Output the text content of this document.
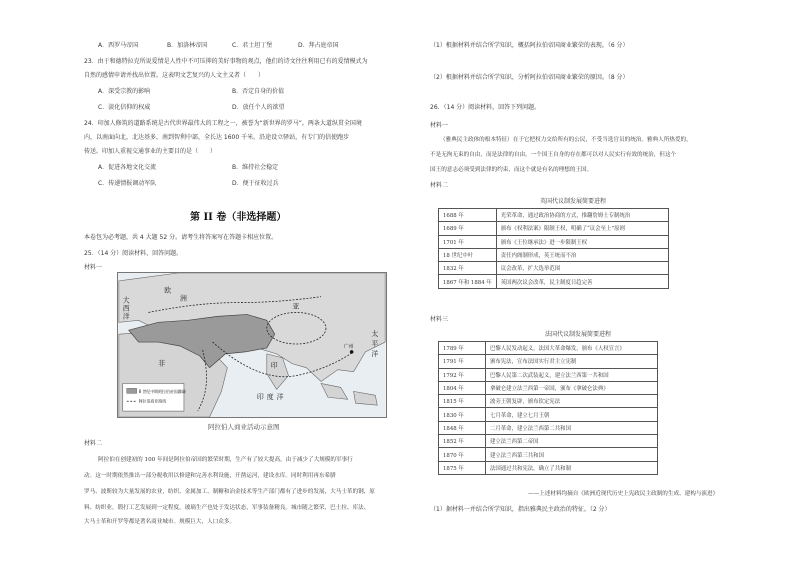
A．西罗马帝国	B．加洛林帝国	C．君士坦丁堡	D．拜占庭帝国
23．由于和德特拉克所说爱情是人性中不可压抑的美好事物的观点，他们的诗文往往利用已有的爱情模式为
自然的感情申请并找出位置。这表明文艺复兴的人文主义者（　　）
A．深受宗教的影响	B．否定自身的价值
C．淡化信仰的权威	D．放任个人的欲望
24．印加人修筑的道路系统是古代世界最伟大的工程之一，被誉为“新世界的罗马”。两条大道纵贯全国境
内，以南面向北，北达基多，南到智利中部，全长达 1600 千米。沿途设立驿站，有专门的信使跑步
传送。印加人重视交通事业的主要目的是（　　）
A．促进各地文化交流	B．维持社会稳定
C．传递情报调动军队	D．便于征收过兵
第 II 卷（非选择题）
本卷包为必考题，共 4 大题 52 分。请考生将答案写在答题卡相应位置。
25．（14 分）阅读材料，回答问题。
材料一
欧
洲
亚
非
大
西
洋
印 度 洋
太
平
洋
印
广州
8 世纪中期阿拉伯帝国疆域
阿拉伯商业路线
阿拉伯人商业活动示意图
材料二
阿拉伯在创建初的 100 年间是阿拉伯帝国的繁荣时期，生产有了较大提高。由于减少了大规模的军事行
动。这一时期依然推出一部分税收用以修建和完善水利设施，开凿运河，建设水库。同时利用再东希腊
罗马、波斯较为大量发展的农业，纺织、金属加工、制糖和冶金技术等生产部门都有了进步的发展，大马士革的钢，原
料、纺织业，锻打工艺发展到一定程度，玻璃生产也处于发达状态，军事装备精良。城市随之繁荣，巴士拉、库法、
大马士革和开罗等都是著名商业城市。规模巨大，人口众多。
（1）根据材料并结合所学知识，概括阿拉伯帝国商业繁荣的表现。（6 分）
（2）根据材料并结合所学知识，分析阿拉伯帝国商业繁荣的原因。（8 分）
26．（14 分）阅读材料，回答下列问题。
材料一
（雅典民主政体的根本特征）在于它把权力交给所有的公民，不受当选官员的统治。雅典人所热爱的，
不是无拘无束的自由，而是法律的自由。一个国王自身的存在都可以对人民实行有效的统治，但这个
国王的意志必须受到法律的约束，而这个就是有名的理想的王国。
材料二
英国代议制发展简要进程
1688 年	光荣革命，通过政治协商的方式，推翻詹姆士专制统治
1689 年	颁布《权利法案》限制王权，明确了“议会至上”原则
1701 年	颁布《王位继承法》进一步限制王权
18 世纪中叶	责任内阁制形成，英王统而不治
1832 年	议会改革，扩大选举范围
1867 年和 1884 年	英国两次议会改革，民主制度日趋完善
材料三
法国代议制发展简要进程
1789 年	巴黎人民发动起义，法国大革命爆发，颁布《人权宣言》
1791 年	颁布宪法，宣布法国实行君主立宪制
1792 年	巴黎人民第二次武装起义，建立法兰西第一共和国
1804 年	拿破仑建立法兰西第一帝国，颁布《拿破仑法典》
1815 年	波旁王朝复辟，颁布钦定宪法
1830 年	七月革命，建立七月王朝
1848 年	二月革命，建立法兰西第二共和国
1852 年	建立法兰西第二帝国
1870 年	建立法兰西第三共和国
1875 年	法国通过共和宪法，确立了共和制
——上述材料均摘自《欧洲近现代历史上宪政民主政制的生成、建构与演进》
（1）据材料一并结合所学知识，指出雅典民主政治的特征。（2 分）
